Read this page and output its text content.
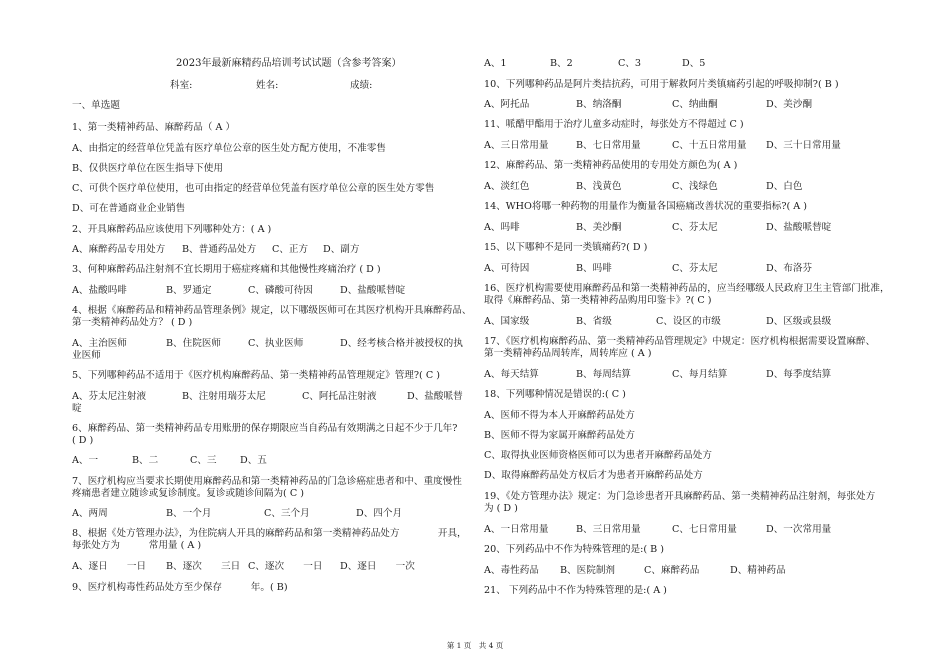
2023年最新麻精药品培训考试试题（含参考答案）
科室:	姓名:	成绩:
一、单选题
1、第一类精神药品、麻醉药品（ A ）
A、由指定的经营单位凭盖有医疗单位公章的医生处方配方使用，不准零售
B、仅供医疗单位在医生指导下使用
C、可供个医疗单位使用，也可由指定的经营单位凭盖有医疗单位公章的医生处方零售
D、可在普通商业企业销售
2、开具麻醉药品应该使用下列哪种处方：( A )
A、麻醉药品专用处方 B、普通药品处方 C、正方 D、副方
3、何种麻醉药品注射剂不宜长期用于癌症疼痛和其他慢性疼痛治疗 ( D )
A、盐酸吗啡	B、罗通定	C、磷酸可待因	D、盐酸哌替啶
4、根据《麻醉药品和精神药品管理条例》规定，以下哪级医师可在其医疗机构开具麻醉药品、
第一类精神药品处方？ ( D )
A、主治医师	B、住院医师	C、执业医师	D、经考核合格并被授权的执
业医师
5、下列哪种药品不适用于《医疗机构麻醉药品、第一类精神药品管理规定》管理?( C )
A、芬太尼注射液	B、注射用瑞芬太尼	C、阿托品注射液	D、盐酸哌替
啶
6、麻醉药品、第一类精神药品专用账册的保存期限应当自药品有效期满之日起不少于几年?
( D )
A、一	B、二	C、三 D、五
7、医疗机构应当要求长期使用麻醉药品和第一类精神药品的门急诊癌症患者和中、重度慢性
疼痛患者建立随诊或复诊制度。复诊或随诊间隔为( C )
A、两周	B、一个月	C、三个月	D、四个月
8、根据《处方管理办法》，为住院病人开具的麻醉药品和第一类精神药品处方　　　　开具，
每张处方为　　　常用量 ( A )
A、逐日　　一日 B、逐次　　三日 C、逐次　　一日 D、逐日　　一次
9、医疗机构毒性药品处方至少保存　　　年。( B)
A、1	B、2	C、3	D、5
10、下列哪种药品是阿片类拮抗药，可用于解救阿片类镇痛药引起的呼吸抑制?( B )
A、阿托品	B、纳洛酮	C、纳曲酮	D、美沙酮
11、哌醋甲酯用于治疗儿童多动症时，每张处方不得超过 C )
A、三日常用量	B、七日常用量	C、十五日常用量 D、三十日常用量
12、麻醉药品、第一类精神药品使用的专用处方颜色为( A )
A、淡红色	B、浅黄色	C、浅绿色	D、白色
14、WHO将哪一种药物的用量作为衡量各国癌痛改善状况的重要指标?( A )
A、吗啡	B、美沙酮	C、芬太尼	D、盐酸哌替啶
15、以下哪种不是同一类镇痛药?( D )
A、可待因	B、吗啡	C、芬太尼	D、布洛芬
16、医疗机构需要使用麻醉药品和第一类精神药品的，应当经哪级人民政府卫生主管部门批准，
取得《麻醉药品、第一类精神药品购用印鉴卡》?( C )
A、国家级	B、省级	C、设区的市级	D、区级或县级
17、《医疗机构麻醉药品、第一类精神药品管理规定》中规定：医疗机构根据需要设置麻醉、
第一类精神药品周转库，周转库应 ( A )
A、每天结算	B、每周结算	C、每月结算	D、每季度结算
18、下列哪种情况是错误的:( C )
A、医师不得为本人开麻醉药品处方
B、医师不得为家属开麻醉药品处方
C、取得执业医师资格医师可以为患者开麻醉药品处方
D、取得麻醉药品处方权后才为患者开麻醉药品处方
19、《处方管理办法》规定：为门急诊患者开具麻醉药品、第一类精神药品注射剂，每张处方
为 ( D )
A、一日常用量	B、三日常用量	C、七日常用量	D、一次常用量
20、下列药品中不作为特殊管理的是:( B )
A、毒性药品 B、医院制剂	C、麻醉药品	D、精神药品
21、 下列药品中不作为特殊管理的是:( A )
第 1 页　共 4 页
